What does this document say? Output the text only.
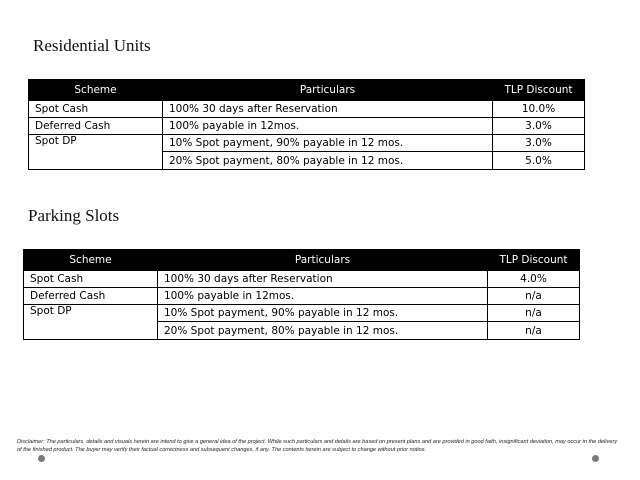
Residential Units
Scheme	Particulars	TLP Discount
Spot Cash	100% 30 days after Reservation	10.0%
Deferred Cash	100% payable in 12mos.	3.0%
Spot DP	10% Spot payment, 90% payable in 12 mos.	3.0%
	20% Spot payment, 80% payable in 12 mos.	5.0%
Parking Slots
Scheme	Particulars	TLP Discount
Spot Cash	100% 30 days after Reservation	4.0%
Deferred Cash	100% payable in 12mos.	n/a
Spot DP	10% Spot payment, 90% payable in 12 mos.	n/a
	20% Spot payment, 80% payable in 12 mos.	n/a
Disclaimer: The particulars, details and visuals herein are intend to give a general idea of the project. While such particulars and details are based on present plans and are provided in good faith, insignificant deviation, may occur in the delivery of the finished product. The buyer may verify their factual correctness and subsequent changes, if any. The contents herein are subject to change without prior notice.
